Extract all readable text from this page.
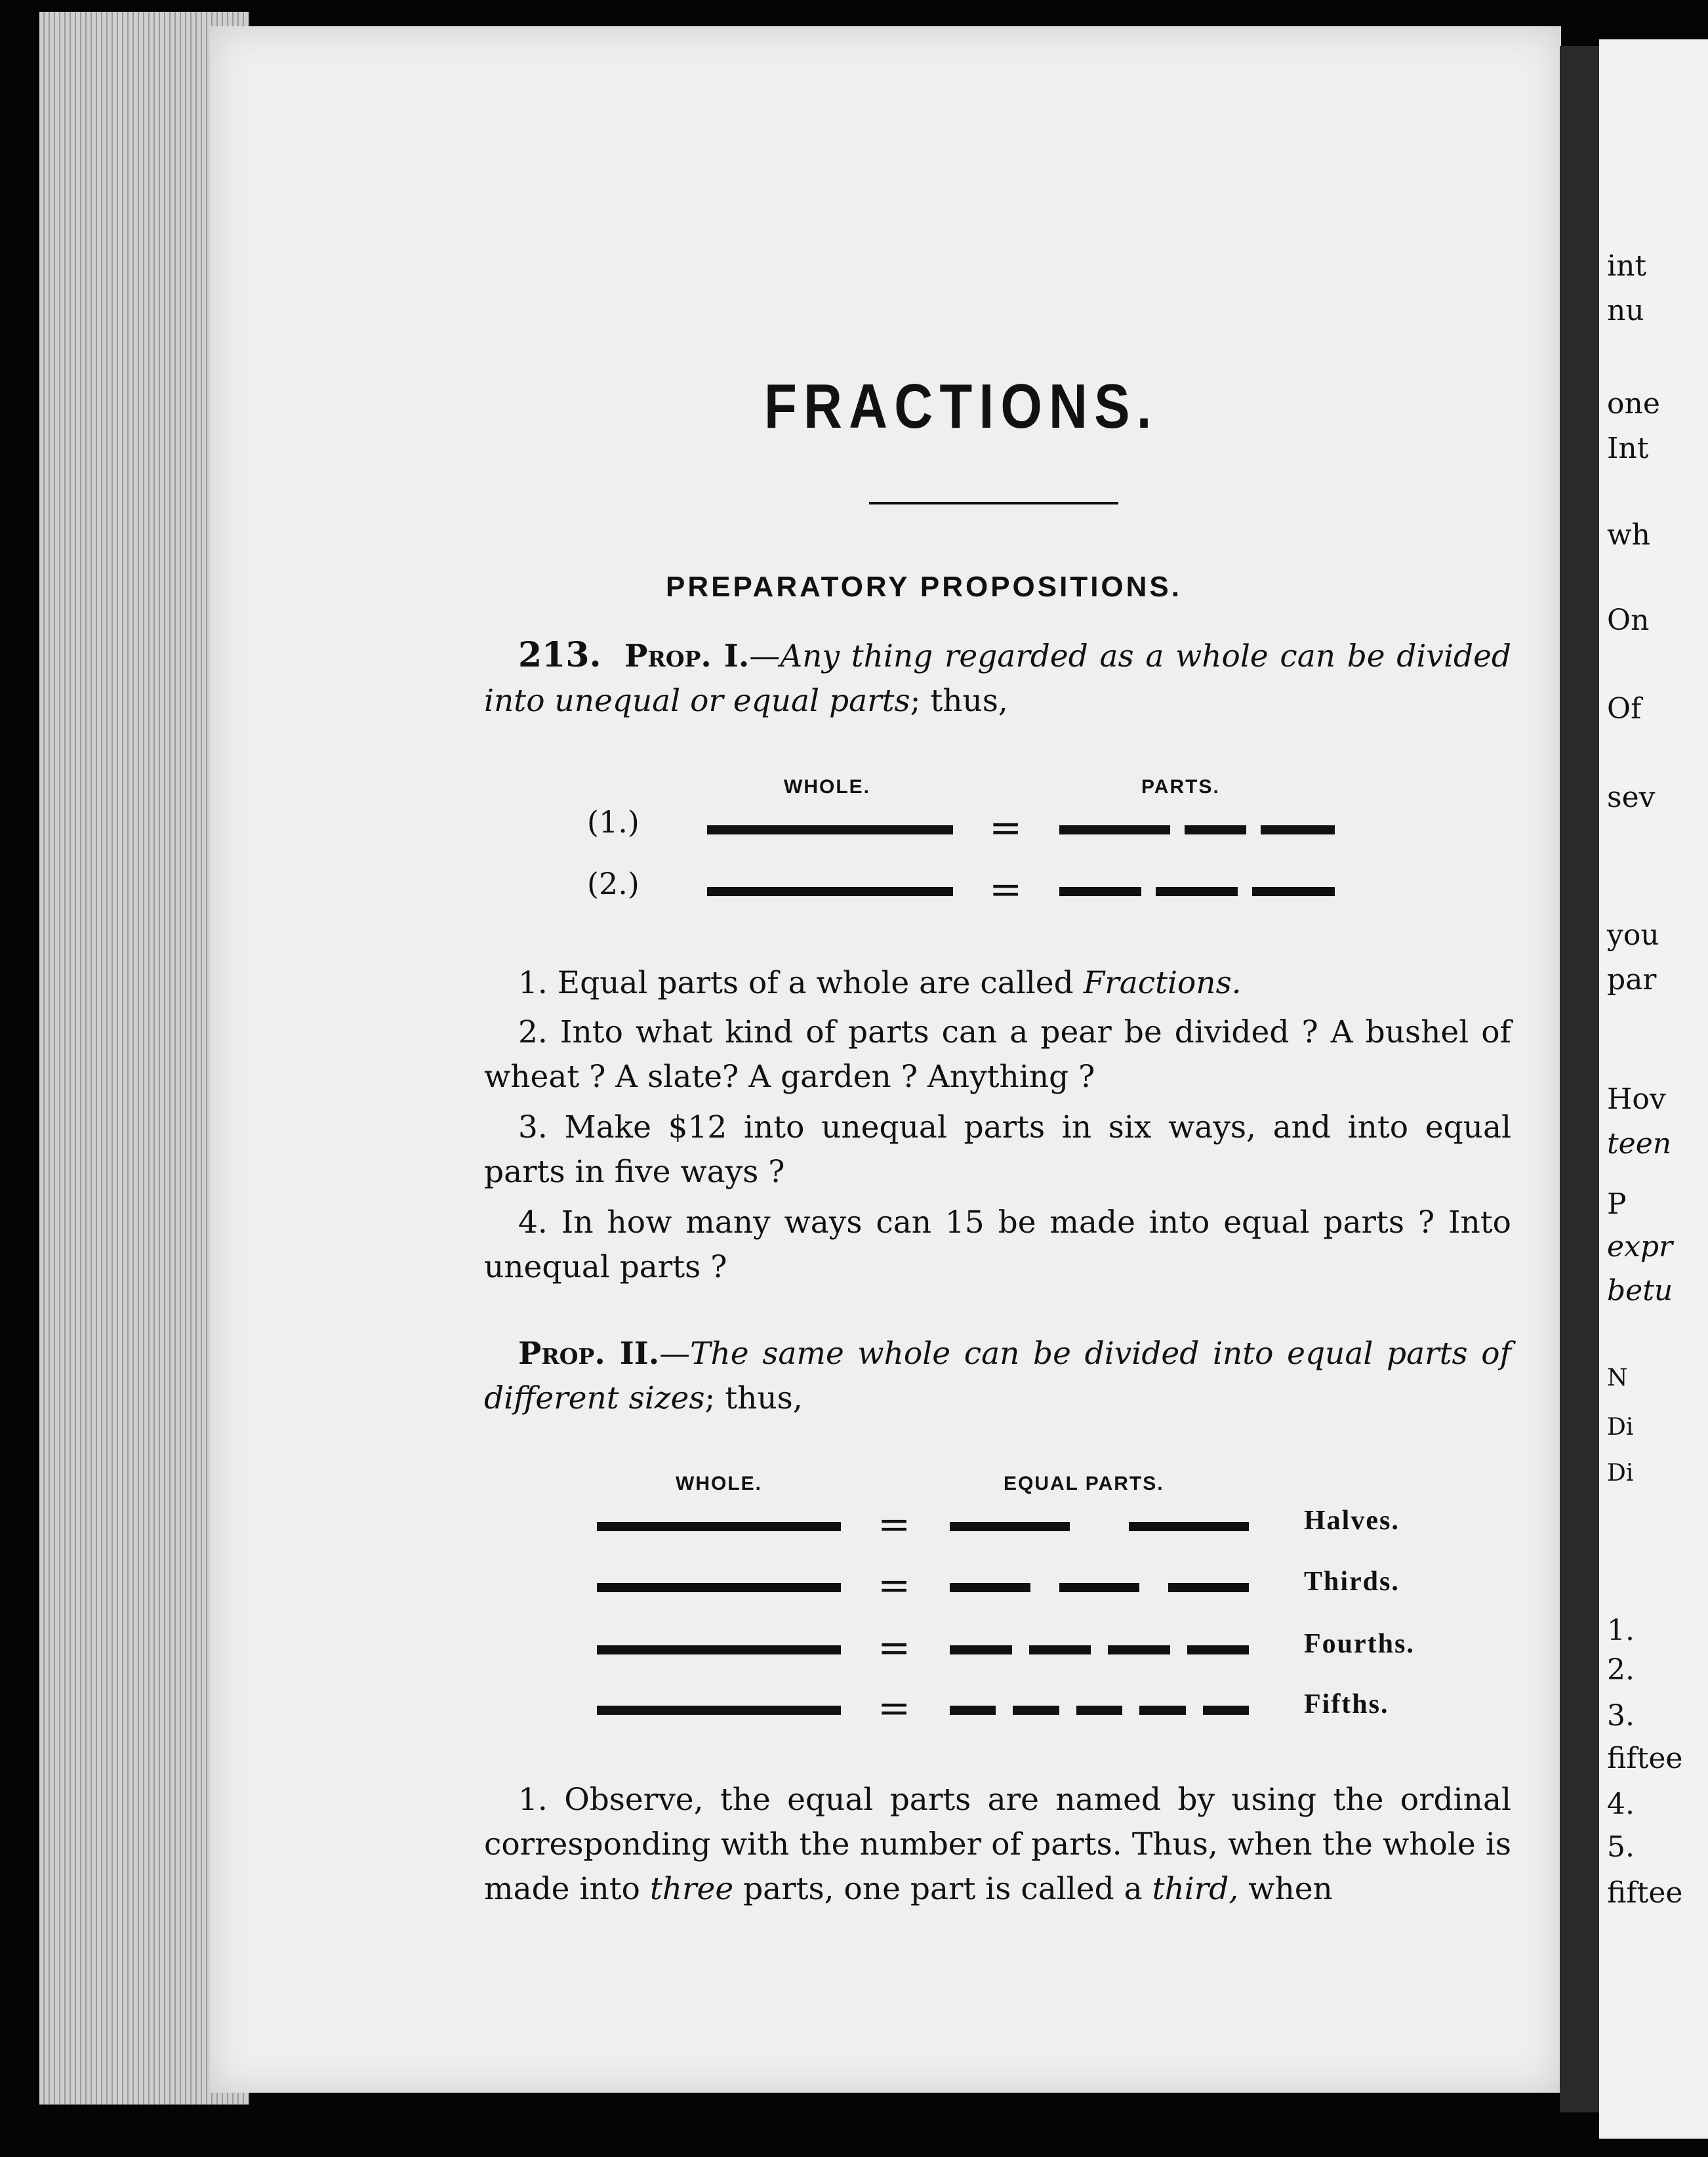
int
nu
one
Int
wh
On
Of
sev
you
par
Hov
teen
P
expr
betu
N
Di
Di
1.
2.
3.
fiftee
4.
5.
fiftee
FRACTIONS.
PREPARATORY PROPOSITIONS.
213. Prop. I.—Any thing regarded as a whole can be divided into unequal or equal parts; thus,
WHOLE.	PARTS.
(1.)	=
(2.)	=
1. Equal parts of a whole are called Fractions.
2. Into what kind of parts can a pear be divided ? A bushel of wheat ? A slate? A garden ? Anything ?
3. Make $12 into unequal parts in six ways, and into equal parts in five ways ?
4. In how many ways can 15 be made into equal parts ? Into unequal parts ?
Prop. II.—The same whole can be divided into equal parts of different sizes; thus,
WHOLE.	EQUAL PARTS.
=	Halves.
=	Thirds.
=	Fourths.
=	Fifths.
1. Observe, the equal parts are named by using the ordinal corresponding with the number of parts. Thus, when the whole is made into three parts, one part is called a third, when
